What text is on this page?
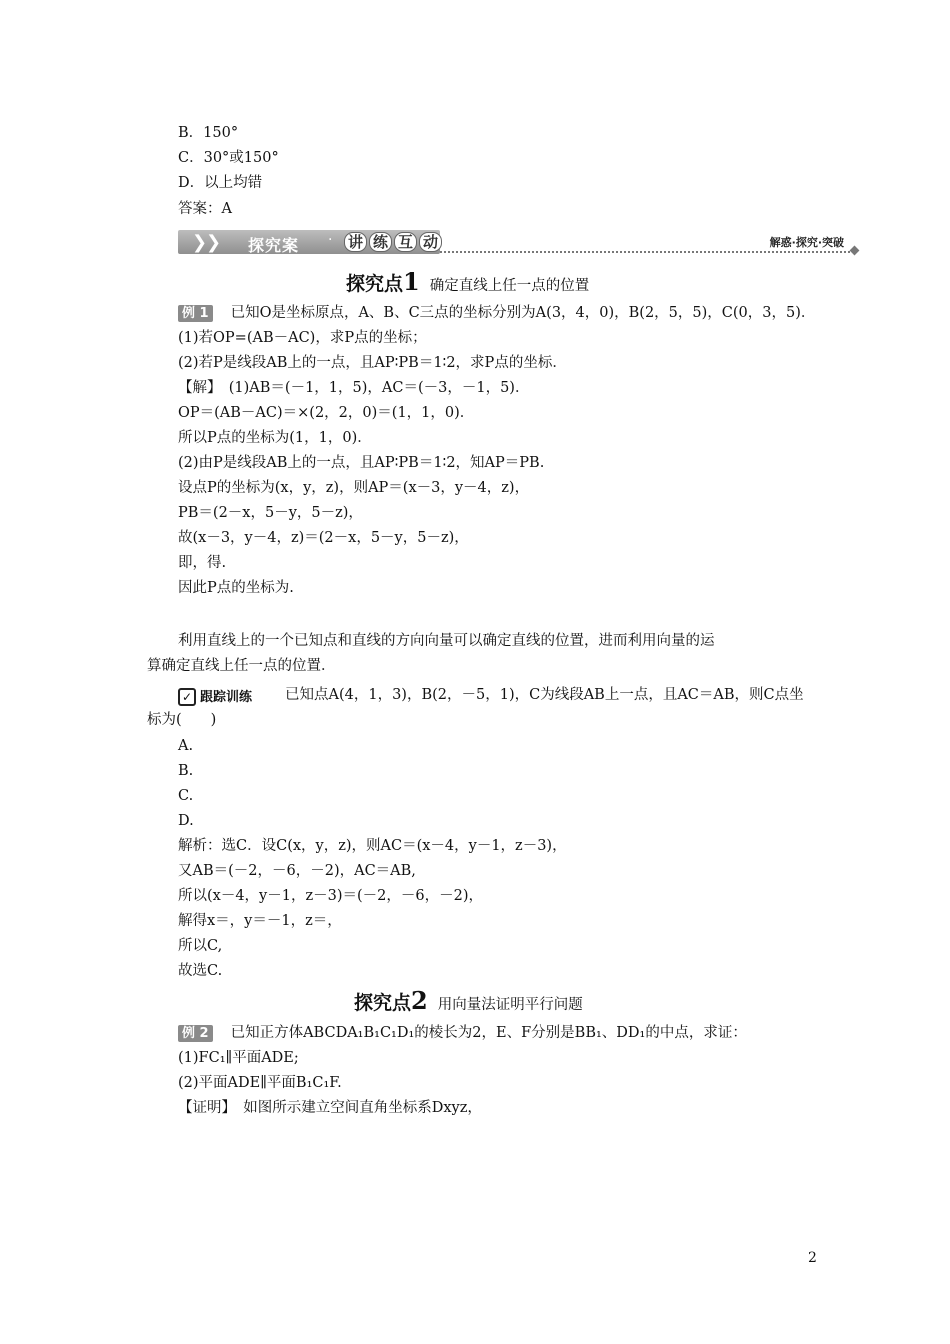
B．150°
C．30°或150°
D．以上均错
答案：A
❯
❯ 探究案 · 讲 练 互 动	解惑·探究·突破
探究点1 确定直线上任一点的位置
例 1 已知O是坐标原点，A、B、C三点的坐标分别为A(3，4，0)，B(2，5，5)，C(0，3，5)．
(1)若OP=(AB－AC)，求P点的坐标；
(2)若P是线段AB上的一点，且AP∶PB＝1∶2，求P点的坐标．
【解】　(1)AB＝(－1，1，5)，AC＝(－3，－1，5)．
OP＝(AB－AC)＝×(2，2，0)＝(1，1，0)．
所以P点的坐标为(1，1，0)．
(2)由P是线段AB上的一点，且AP∶PB＝1∶2，知AP＝PB.
设点P的坐标为(x，y，z)，则AP＝(x－3，y－4，z)，
PB＝(2－x，5－y，5－z)，
故(x－3，y－4，z)＝(2－x，5－y，5－z)，
即，得.
因此P点的坐标为.
利用直线上的一个已知点和直线的方向向量可以确定直线的位置，进而利用向量的运
算确定直线上任一点的位置．
✓ 跟踪训练 已知点A(4，1，3)，B(2，－5，1)，C为线段AB上一点，且AC＝AB，则C点坐
标为(　　)
A.
B.
C.
D.
解析：选C．设C(x，y，z)，则AC＝(x－4，y－1，z－3)，
又AB＝(－2，－6，－2)，AC＝AB,
所以(x－4，y－1，z－3)＝(－2，－6，－2)，
解得x＝，y＝－1，z＝，
所以C,
故选C.
探究点2 用向量法证明平行问题
例 2 已知正方体ABCDA₁B₁C₁D₁的棱长为2，E、F分别是BB₁、DD₁的中点，求证：
(1)FC₁∥平面ADE;
(2)平面ADE∥平面B₁C₁F.
【证明】　如图所示建立空间直角坐标系Dxyz，
2
